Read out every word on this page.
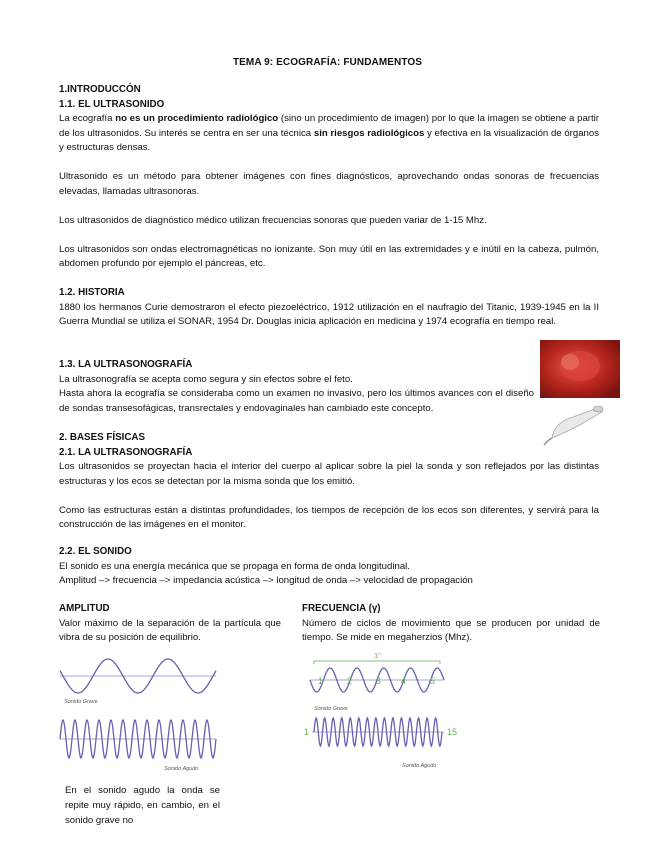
TEMA 9: ECOGRAFÍA: FUNDAMENTOS
1.INTRODUCCÓN
1.1. EL ULTRASONIDO

La ecografía no es un procedimiento radiológico (sino un procedimiento de imagen) por lo que la imagen se obtiene a partir de los ultrasonidos. Su interés se centra en ser una técnica sin riesgos radiológicos y efectiva en la visualización de órganos y estructuras densas.

Ultrasonido es un método para obtener imágenes con fines diagnósticos, aprovechando ondas sonoras de frecuencias elevadas, llamadas ultrasonoras.

Los ultrasonidos de diagnóstico médico utilizan frecuencias sonoras que pueden variar de 1-15 Mhz.

Los ultrasonidos son ondas electromagnéticas no ionizante. Son muy útil en las extremidades y e inútil en la cabeza, pulmón, abdomen profundo por ejemplo el páncreas, etc.

1.2. HISTORIA

1880 los hermanos Curie demostraron el efecto piezoeléctrico, 1912 utilización en el naufragio del Titanic, 1939-1945 en la II Guerra Mundial se utiliza el SONAR, 1954 Dr. Douglas inicia aplicación en medicina y 1974 ecografía en tiempo real.

1.3. LA ULTRASONOGRAFÍA

La ultrasonografía se acepta como segura y sin efectos sobre el feto.

Hasta ahora la ecografía se consideraba como un examen no invasivo, pero los últimos avances con el diseño de sondas transesofágicas, transrectales y endovaginales han cambiado este concepto.

2. BASES FÍSICAS
2.1. LA ULTRASONOGRAFÍA

Los ultrasonidos se proyectan hacia el interior del cuerpo al aplicar sobre la piel la sonda y son reflejados por las distintas estructuras y los ecos se detectan por la misma sonda que los emitió.

Como las estructuras están a distintas profundidades, los tiempos de recepción de los ecos son diferentes, y servirá para la construcción de las imágenes en el monitor.

2.2. EL SONIDO

El sonido es una energía mecánica que se propaga en forma de onda longitudinal.

Amplitud –> frecuencia –> impedancia acústica –> longitud de onda –> velocidad de propagación

AMPLITUD

Valor máximo de la separación de la partícula que vibra de su posición de equilibrio.

FRECUENCIA (γ)

Número de ciclos de movimiento que se producen por unidad de tiempo. Se mide en megaherzios (Mhz).

Sonido Grave
Sonido Agudo
1"
1	2	3 4	5
Sonido Grave
1	15
Sonido Agudo
En el sonido agudo la onda se repite muy rápido, en cambio, en el sonido grave no
